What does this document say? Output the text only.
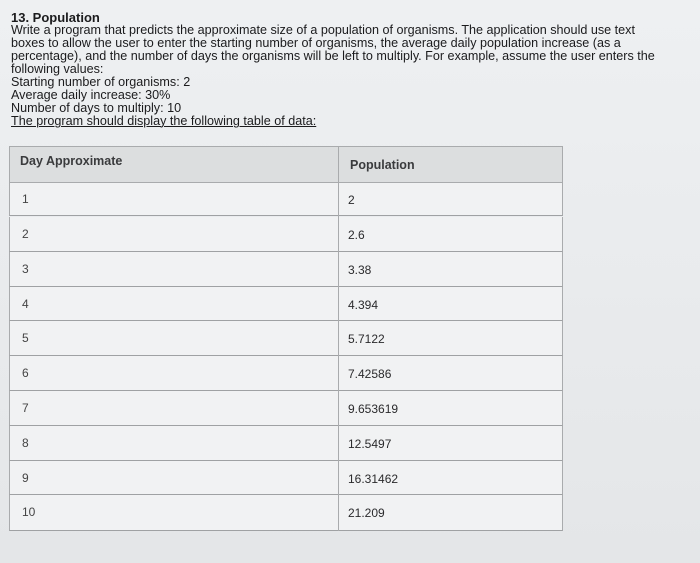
13. Population

Write a program that predicts the approximate size of a population of organisms. The application should use text

boxes to allow the user to enter the starting number of organisms, the average daily population increase (as a

percentage), and the number of days the organisms will be left to multiply. For example, assume the user enters the

following values:

Starting number of organisms: 2

Average daily increase: 30%

Number of days to multiply: 10

The program should display the following table of data:

Day Approximate	Population
1	2
2	2.6
3	3.38
4	4.394
5	5.7122
6	7.42586
7	9.653619
8	12.5497
9	16.31462
10	21.209
